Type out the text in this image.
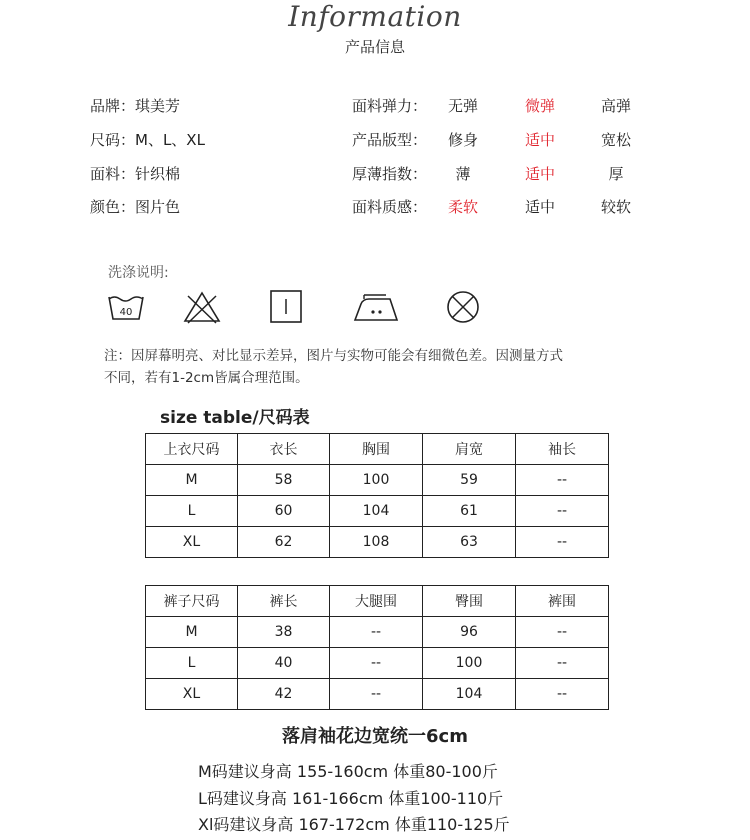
Information
产品信息
品牌：琪美芳
尺码：M、L、XL
面料：针织棉
颜色：图片色
面料弹力：	无弹	微弹	高弹
产品版型：	修身	适中	宽松
厚薄指数：	薄	适中	厚
面料质感：	柔软	适中	较软
洗涤说明:
40
注：因屏幕明亮、对比显示差异，图片与实物可能会有细微色差。因测量方式
不同，若有1-2cm皆属合理范围。
size table/尺码表
上衣尺码	衣长	胸围	肩宽	袖长
M	58	100	59	--
L	60	104	61	--
XL	62	108	63	--
裤子尺码	裤长	大腿围	臀围	裤围
M	38	--	96	--
L	40	--	100	--
XL	42	--	104	--
落肩袖花边宽统一6cm
M码建议身高 155-160cm 体重80-100斤
L码建议身高 161-166cm 体重100-110斤
Xl码建议身高 167-172cm 体重110-125斤
